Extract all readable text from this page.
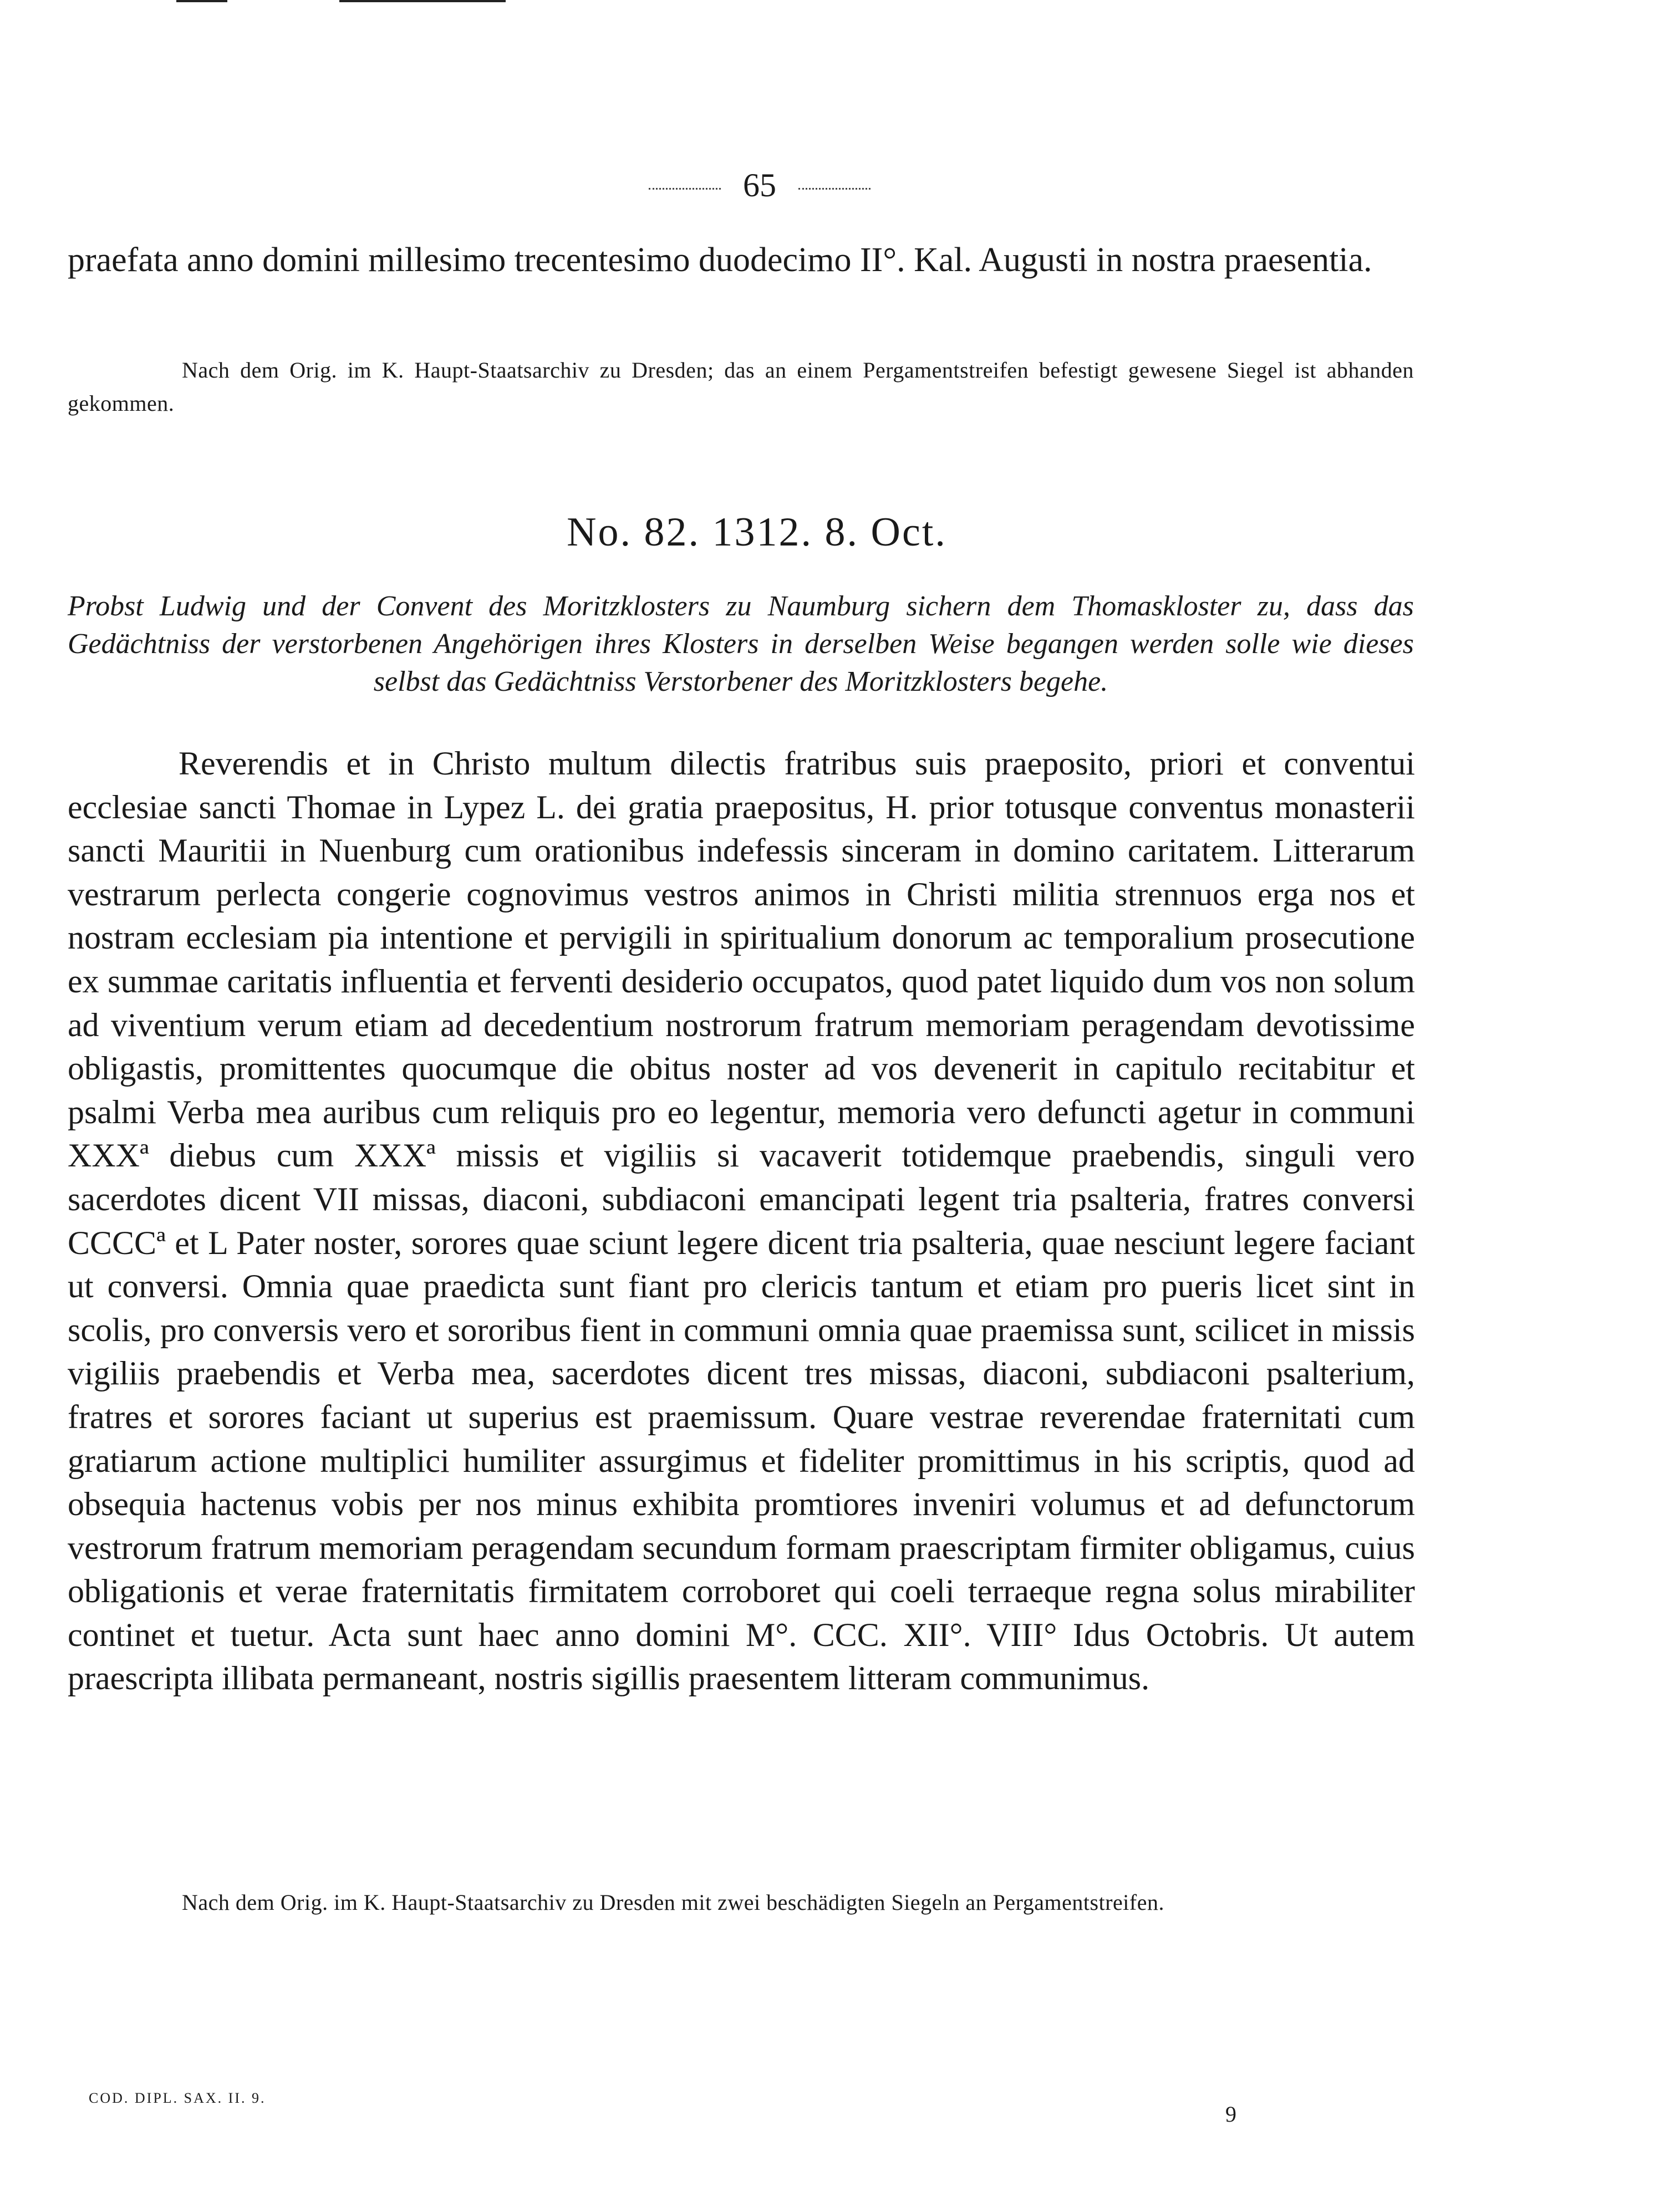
65

praefata anno domini millesimo trecentesimo duodecimo II°. Kal. Augusti in nostra praesentia.

Nach dem Orig. im K. Haupt-Staatsarchiv zu Dresden; das an einem Pergamentstreifen befestigt gewesene Siegel ist abhanden gekommen.

No. 82. 1312. 8. Oct.

Probst Ludwig und der Convent des Moritzklosters zu Naumburg sichern dem Thomaskloster zu, dass das Gedächtniss der verstorbenen Angehörigen ihres Klosters in derselben Weise begangen werden solle wie dieses selbst das Gedächtniss Verstorbener des Moritzklosters begehe.

Reverendis et in Christo multum dilectis fratribus suis praeposito, priori et conventui ecclesiae sancti Thomae in Lypez L. dei gratia praepositus, H. prior totusque conventus monasterii sancti Mauritii in Nuenburg cum orationibus indefessis sinceram in domino caritatem. Litterarum vestrarum perlecta congerie cognovimus vestros animos in Christi militia strennuos erga nos et nostram ecclesiam pia intentione et pervigili in spiritualium donorum ac temporalium prosecutione ex summae caritatis influentia et ferventi desiderio occupatos, quod patet liquido dum vos non solum ad viventium verum etiam ad decedentium nostrorum fratrum memoriam peragendam devotissime obligastis, promittentes quocumque die obitus noster ad vos devenerit in capitulo recitabitur et psalmi Verba mea auribus cum reliquis pro eo legentur, memoria vero defuncti agetur in communi XXXª diebus cum XXXª missis et vigiliis si vacaverit totidemque praebendis, singuli vero sacerdotes dicent VII missas, diaconi, subdiaconi emancipati legent tria psalteria, fratres conversi CCCCª et L Pater noster, sorores quae sciunt legere dicent tria psalteria, quae nesciunt legere faciant ut conversi. Omnia quae praedicta sunt fiant pro clericis tantum et etiam pro pueris licet sint in scolis, pro conversis vero et sororibus fient in communi omnia quae praemissa sunt, scilicet in missis vigiliis praebendis et Verba mea, sacerdotes dicent tres missas, diaconi, subdiaconi psalterium, fratres et sorores faciant ut superius est praemissum. Quare vestrae reverendae fraternitati cum gratiarum actione multiplici humiliter assurgimus et fideliter promittimus in his scriptis, quod ad obsequia hactenus vobis per nos minus exhibita promtiores inveniri volumus et ad defunctorum vestrorum fratrum memoriam peragendam secundum formam praescriptam firmiter obligamus, cuius obligationis et verae fraternitatis firmitatem corroboret qui coeli terraeque regna solus mirabiliter continet et tuetur. Acta sunt haec anno domini M°. CCC. XII°. VIII° Idus Octobris. Ut autem praescripta illibata permaneant, nostris sigillis praesentem litteram communimus.

Nach dem Orig. im K. Haupt-Staatsarchiv zu Dresden mit zwei beschädigten Siegeln an Pergamentstreifen.

COD. DIPL. SAX. II. 9.
9
